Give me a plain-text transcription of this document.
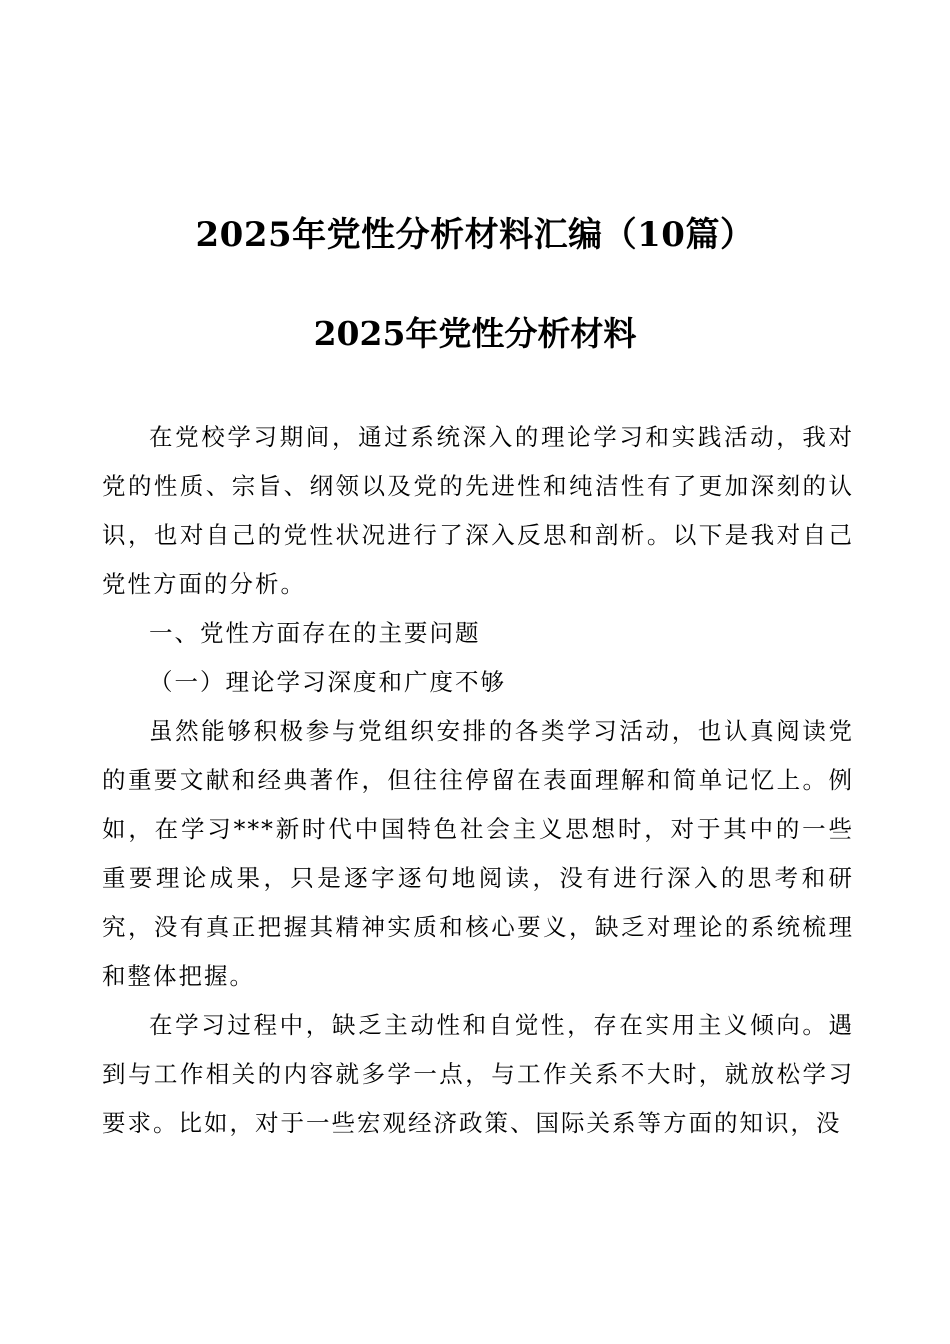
2025年党性分析材料汇编（10篇）
2025年党性分析材料

在党校学习期间，通过系统深入的理论学习和实践活动，我对党的性质、宗旨、纲领以及党的先进性和纯洁性有了更加深刻的认识，也对自己的党性状况进行了深入反思和剖析。以下是我对自己党性方面的分析。

一、党性方面存在的主要问题

（一）理论学习深度和广度不够

虽然能够积极参与党组织安排的各类学习活动，也认真阅读党的重要文献和经典著作，但往往停留在表面理解和简单记忆上。例如，在学习***新时代中国特色社会主义思想时，对于其中的一些重要理论成果，只是逐字逐句地阅读，没有进行深入的思考和研究，没有真正把握其精神实质和核心要义，缺乏对理论的系统梳理和整体把握。

在学习过程中，缺乏主动性和自觉性，存在实用主义倾向。遇到与工作相关的内容就多学一点，与工作关系不大时，就放松学习要求。比如，对于一些宏观经济政策、国际关系等方面的知识，没
